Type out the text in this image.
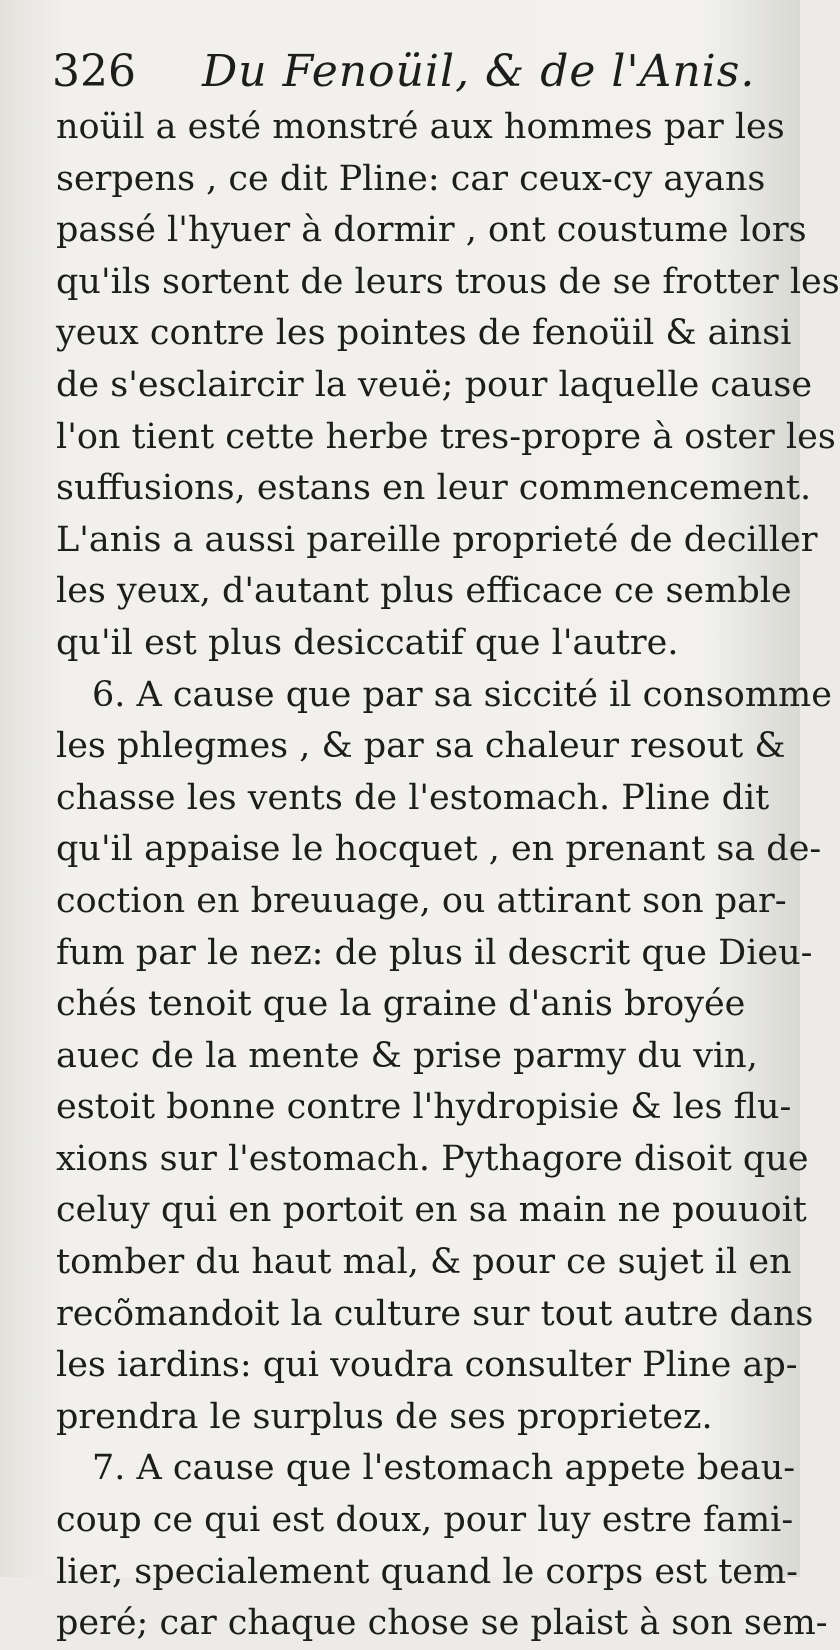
326 Du Fenoüil, & de l'Anis.
noüil a esté monstré aux hommes par les
serpens , ce dit Pline: car ceux-cy ayans
passé l'hyuer à dormir , ont coustume lors
qu'ils sortent de leurs trous de se frotter les
yeux contre les pointes de fenoüil & ainsi
de s'esclaircir la veuë; pour laquelle cause
l'on tient cette herbe tres-propre à oster les
suffusions, estans en leur commencement.
L'anis a aussi pareille proprieté de deciller
les yeux, d'autant plus efficace ce semble
qu'il est plus desiccatif que l'autre.
6. A cause que par sa siccité il consomme
les phlegmes , & par sa chaleur resout &
chasse les vents de l'estomach. Pline dit
qu'il appaise le hocquet , en prenant sa de-
coction en breuuage, ou attirant son par-
fum par le nez: de plus il descrit que Dieu-
chés tenoit que la graine d'anis broyée
auec de la mente & prise parmy du vin,
estoit bonne contre l'hydropisie & les flu-
xions sur l'estomach. Pythagore disoit que
celuy qui en portoit en sa main ne pouuoit
tomber du haut mal, & pour ce sujet il en
recõmandoit la culture sur tout autre dans
les iardins: qui voudra consulter Pline ap-
prendra le surplus de ses proprietez.
7. A cause que l'estomach appete beau-
coup ce qui est doux, pour luy estre fami-
lier, specialement quand le corps est tem-
peré; car chaque chose se plaist à son sem-
